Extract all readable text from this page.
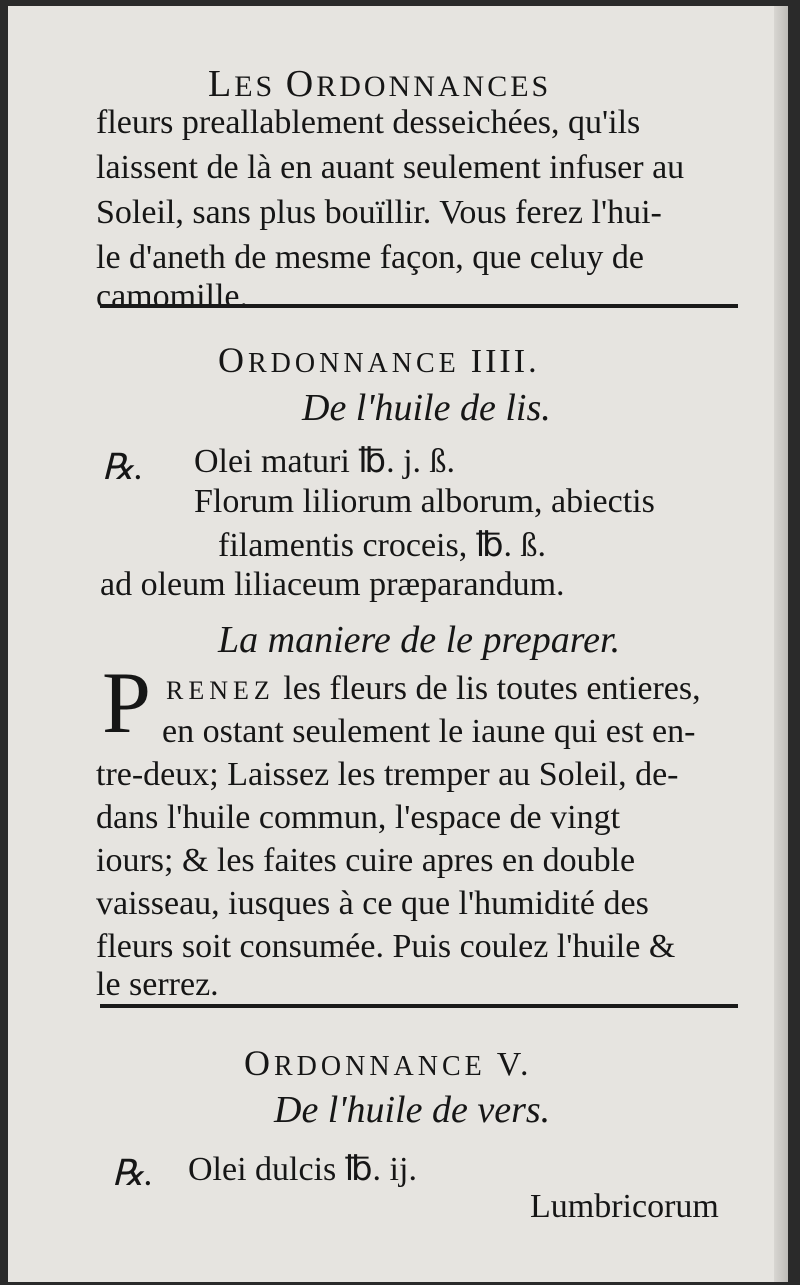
LES ORDONNANCES
fleurs preallablement desseichées, qu'ils
laissent de là en auant seulement infuser au
Soleil, sans plus bouïllir. Vous ferez l'hui-
le d'aneth de mesme façon, que celuy de
camomille.
ORDONNANCE IIII.
De l'huile de lis.
℞. Olei maturi ℔. j. ß.
Florum liliorum alborum, abiectis
filamentis croceis, ℔. ß.
ad oleum liliaceum præparandum.
La maniere de le preparer.
P RENEZ les fleurs de lis toutes entieres,
en ostant seulement le iaune qui est en-
tre-deux; Laissez les tremper au Soleil, de-
dans l'huile commun, l'espace de vingt
iours; & les faites cuire apres en double
vaisseau, iusques à ce que l'humidité des
fleurs soit consumée. Puis coulez l'huile &
le serrez.
ORDONNANCE V.
De l'huile de vers.
℞. Olei dulcis ℔. ij.
Lumbricorum
